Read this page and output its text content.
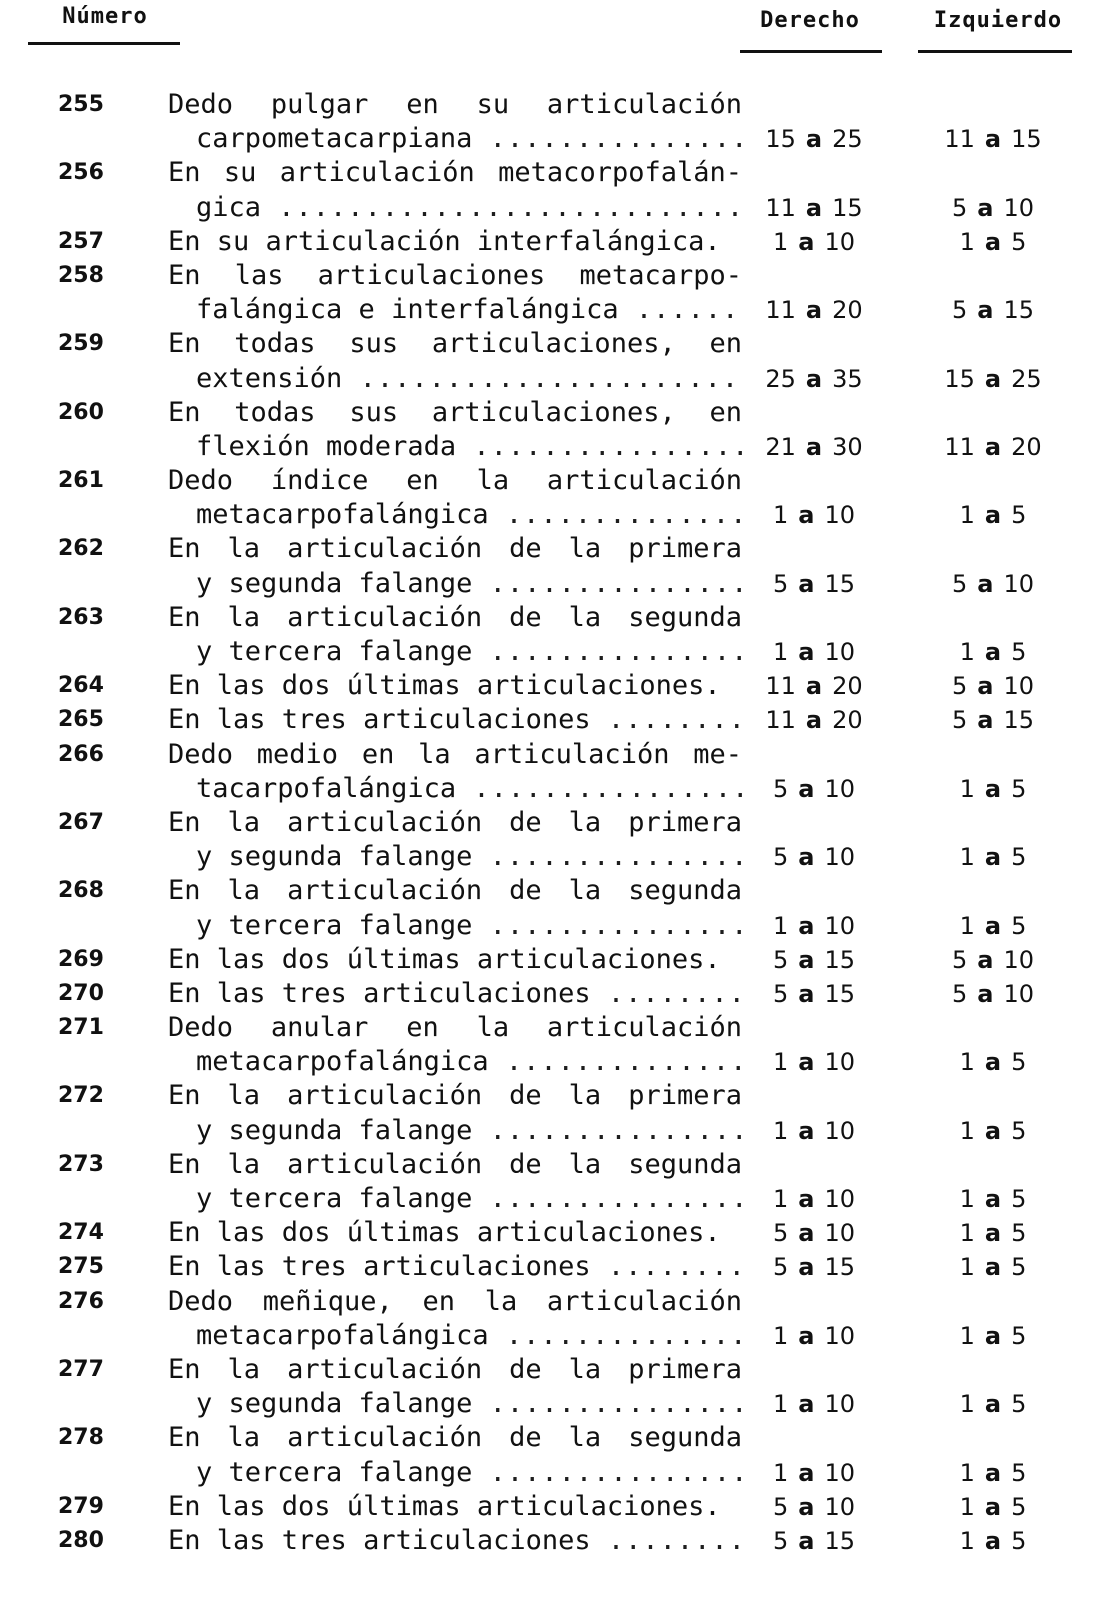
Número	Derecho	Izquierdo
255	Dedo pulgar en su articulación
carpometacarpiana .....	15 a 25	11 a 15
256	En su articulación metacorpofalán-
gica .....	11 a 15	5 a 10
257	En su articulación interfalángica.	1 a 10	1 a 5
258	En las articulaciones metacarpo-
falángica e interfalángica .....	11 a 20	5 a 15
259	En todas sus articulaciones, en
extensión .....	25 a 35	15 a 25
260	En todas sus articulaciones, en
flexión moderada .....	21 a 30	11 a 20
261	Dedo índice en la articulación
metacarpofalángica .....	1 a 10	1 a 5
262	En la articulación de la primera
y segunda falange .....	5 a 15	5 a 10
263	En la articulación de la segunda
y tercera falange .....	1 a 10	1 a 5
264	En las dos últimas articulaciones.	11 a 20	5 a 10
265	En las tres articulaciones .....	11 a 20	5 a 15
266	Dedo medio en la articulación me-
tacarpofalángica .....	5 a 10	1 a 5
267	En la articulación de la primera
y segunda falange .....	5 a 10	1 a 5
268	En la articulación de la segunda
y tercera falange .....	1 a 10	1 a 5
269	En las dos últimas articulaciones.	5 a 15	5 a 10
270	En las tres articulaciones .....	5 a 15	5 a 10
271	Dedo anular en la articulación
metacarpofalángica .....	1 a 10	1 a 5
272	En la articulación de la primera
y segunda falange .....	1 a 10	1 a 5
273	En la articulación de la segunda
y tercera falange .....	1 a 10	1 a 5
274	En las dos últimas articulaciones.	5 a 10	1 a 5
275	En las tres articulaciones .....	5 a 15	1 a 5
276	Dedo meñique, en la articulación
metacarpofalángica .....	1 a 10	1 a 5
277	En la articulación de la primera
y segunda falange .....	1 a 10	1 a 5
278	En la articulación de la segunda
y tercera falange .....	1 a 10	1 a 5
279	En las dos últimas articulaciones.	5 a 10	1 a 5
280	En las tres articulaciones .....	5 a 15	1 a 5
